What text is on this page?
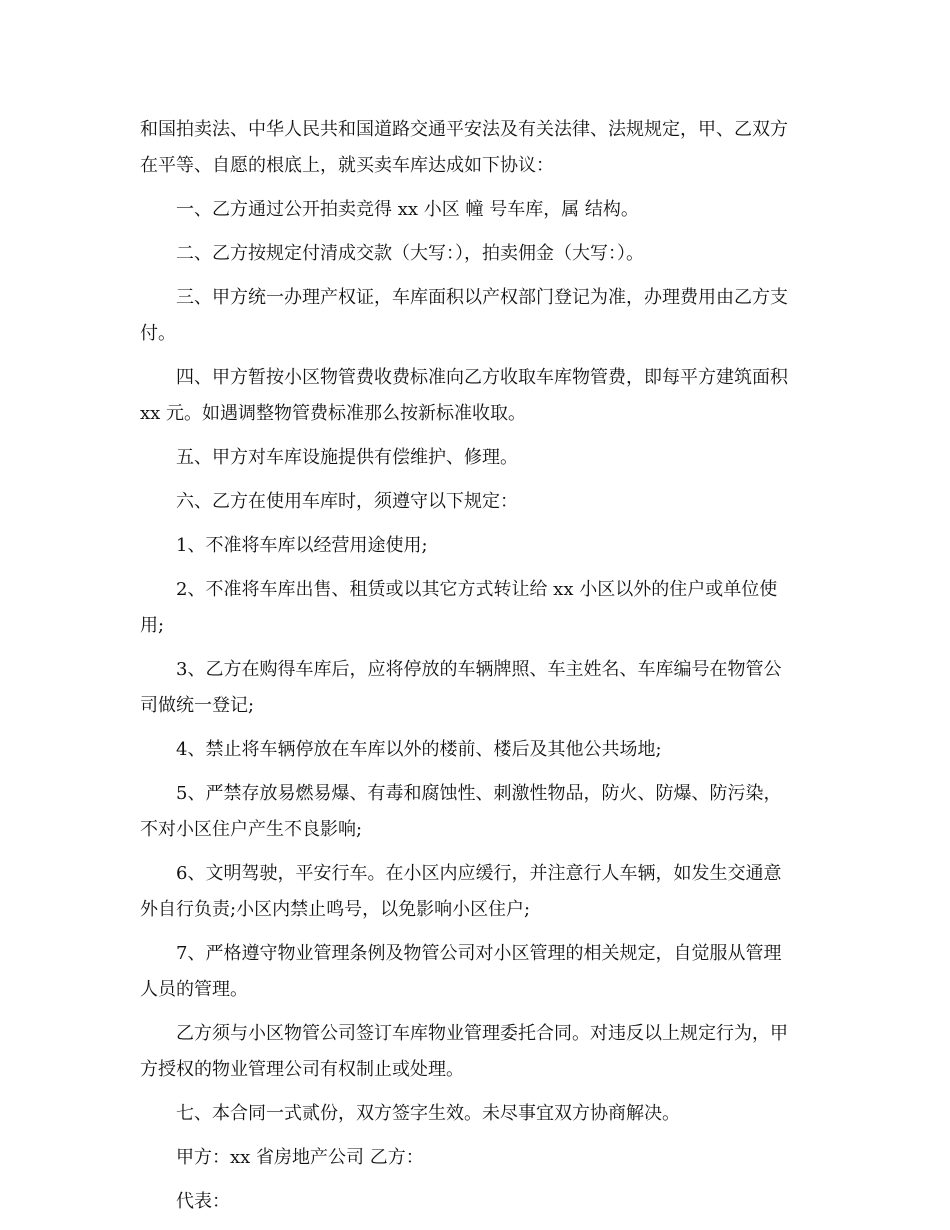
和国拍卖法、中华人民共和国道路交通平安法及有关法律、法规规定，甲、乙双方
在平等、自愿的根底上，就买卖车库达成如下协议：
一、乙方通过公开拍卖竞得 xx 小区 幢 号车库，属 结构。
二、乙方按规定付清成交款（大写：），拍卖佣金（大写：）。
三、甲方统一办理产权证，车库面积以产权部门登记为准，办理费用由乙方支
付。
四、甲方暂按小区物管费收费标准向乙方收取车库物管费，即每平方建筑面积
xx 元。如遇调整物管费标准那么按新标准收取。
五、甲方对车库设施提供有偿维护、修理。
六、乙方在使用车库时，须遵守以下规定：
1、不准将车库以经营用途使用;
2、不准将车库出售、租赁或以其它方式转让给 xx 小区以外的住户或单位使
用;
3、乙方在购得车库后，应将停放的车辆牌照、车主姓名、车库编号在物管公
司做统一登记;
4、禁止将车辆停放在车库以外的楼前、楼后及其他公共场地;
5、严禁存放易燃易爆、有毒和腐蚀性、刺激性物品，防火、防爆、防污染，
不对小区住户产生不良影响;
6、文明驾驶，平安行车。在小区内应缓行，并注意行人车辆，如发生交通意
外自行负责;小区内禁止鸣号，以免影响小区住户;
7、严格遵守物业管理条例及物管公司对小区管理的相关规定，自觉服从管理
人员的管理。
乙方须与小区物管公司签订车库物业管理委托合同。对违反以上规定行为，甲
方授权的物业管理公司有权制止或处理。
七、本合同一式贰份，双方签字生效。未尽事宜双方协商解决。
甲方：xx 省房地产公司 乙方：
代表：
